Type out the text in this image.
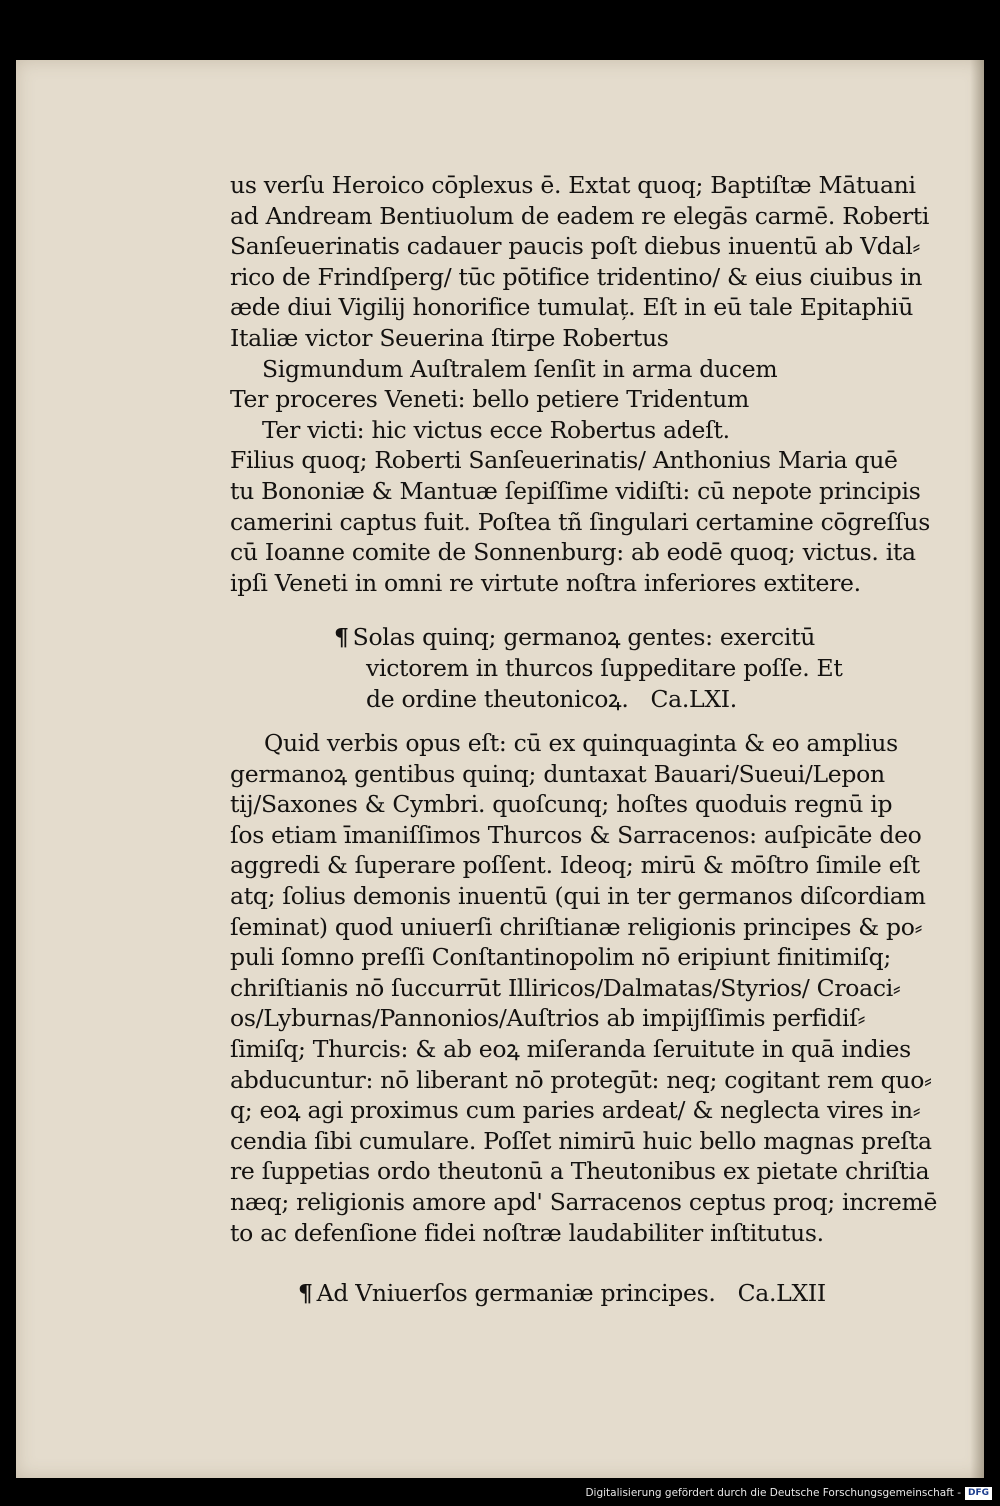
us verſu Heroico cōplexus ē. Extat quoq; Baptiſtæ Mātuani
ad Andream Bentiuolum de eadem re elegās carmē. Roberti
Sanſeuerinatis cadauer paucis poſt diebus inuentū ab Vdal⸗
rico de Frindſperg/ tūc pōtifice tridentino/ & eius ciuibus in
æde diui Vigilij honorifice tumulaț. Eſt in eū tale Epitaphiū
Italiæ victor Seuerina ſtirpe Robertus
Sigmundum Auſtralem ſenſit in arma ducem
Ter proceres Veneti: bello petiere Tridentum
Ter victi: hic victus ecce Robertus adeſt.
Filius quoq; Roberti Sanſeuerinatis/ Anthonius Maria quē
tu Bononiæ & Mantuæ ſepiſſime vidiſti: cū nepote principis
camerini captus fuit. Poſtea tñ ſingulari certamine cōgreſſus
cū Ioanne comite de Sonnenburg: ab eodē quoq; victus. ita
ipſi Veneti in omni re virtute noſtra inferiores extitere.
¶ Solas quinq; germanoꝝ gentes: exercitū
victorem in thurcos ſuppeditare poſſe. Et
de ordine theutonicoꝝ. Ca.LXI.
Quid verbis opus eſt: cū ex quinquaginta & eo amplius
germanoꝝ gentibus quinq; duntaxat Bauari/Sueui/Lepon
tij/Saxones & Cymbri. quoſcunq; hoſtes quoduis regnū ip
ſos etiam īmaniſſimos Thurcos & Sarracenos: auſpicāte deo
aggredi & ſuperare poſſent. Ideoq; mirū & mōſtro ſimile eſt
atq; ſolius demonis inuentū (qui in ter germanos diſcordiam
ſeminat) quod uniuerſi chriſtianæ religionis principes & po⸗
puli ſomno preſſi Conſtantinopolim nō eripiunt finitimiſq;
chriſtianis nō ſuccurrūt Illiricos/Dalmatas/Styrios/ Croaci⸗
os/Lyburnas/Pannonios/Auſtrios ab impijſſimis perfidiſ⸗
ſimiſq; Thurcis: & ab eoꝝ miſeranda ſeruitute in quā indies
abducuntur: nō liberant nō protegūt: neq; cogitant rem quo⸗
q; eoꝝ agi proximus cum paries ardeat/ & neglecta vires in⸗
cendia ſibi cumulare. Poſſet nimirū huic bello magnas preſta
re ſuppetias ordo theutonū a Theutonibus ex pietate chriſtia
næq; religionis amore apd' Sarracenos ceptus proq; incremē
to ac defenſione fidei noſtræ laudabiliter inſtitutus.
¶ Ad Vniuerſos germaniæ principes. Ca.LXII
Digitalisierung gefördert durch die Deutsche Forschungsgemeinschaft - DFG
